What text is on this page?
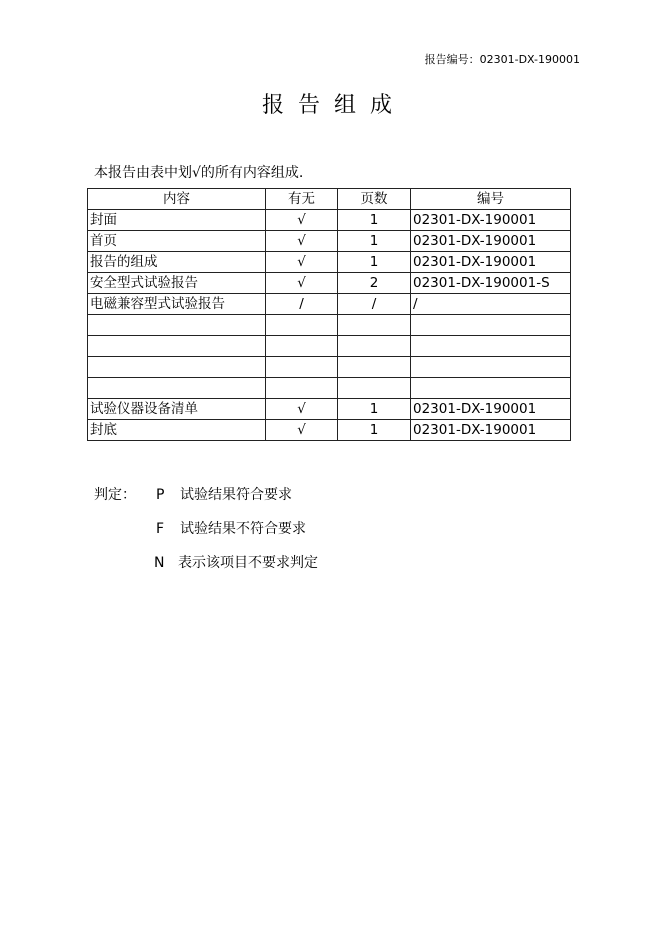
报告编号：02301-DX-190001
报告组成
本报告由表中划√的所有内容组成.
内容	有无	页数	编号
封面	√	1	02301-DX-190001
首页	√	1	02301-DX-190001
报告的组成	√	1	02301-DX-190001
安全型式试验报告	√	2	02301-DX-190001-S
电磁兼容型式试验报告	/	/	/

试验仪器设备清单	√	1	02301-DX-190001
封底	√	1	02301-DX-190001
判定： P 试验结果符合要求
F 试验结果不符合要求
N 表示该项目不要求判定
